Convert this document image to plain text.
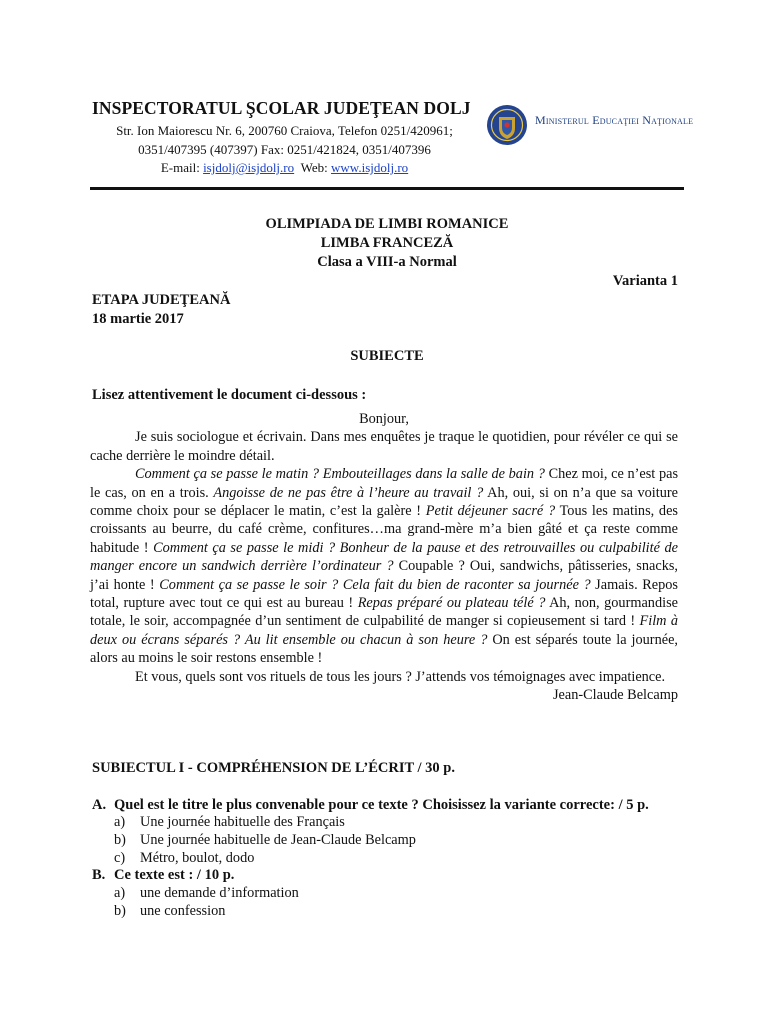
INSPECTORATUL ŞCOLAR JUDEŢEAN DOLJ
Str. Ion Maiorescu Nr. 6, 200760 Craiova, Telefon 0251/420961;
0351/407395 (407397) Fax: 0251/421824, 0351/407396
E-mail: isjdolj@isjdolj.ro Web: www.isjdolj.ro
Ministerul Educaţiei Naţionale
OLIMPIADA DE LIMBI ROMANICE
LIMBA FRANCEZĂ
Clasa a VIII-a Normal
Varianta 1
ETAPA JUDEŢEANĂ
18 martie 2017
SUBIECTE
Lisez attentivement le document ci-dessous :

Bonjour,

Je suis sociologue et écrivain. Dans mes enquêtes je traque le quotidien, pour révéler ce qui se cache derrière le moindre détail.

Comment ça se passe le matin ? Embouteillages dans la salle de bain ? Chez moi, ce n’est pas le cas, on en a trois. Angoisse de ne pas être à l’heure au travail ? Ah, oui, si on n’a que sa voiture comme choix pour se déplacer le matin, c’est la galère ! Petit déjeuner sacré ? Tous les matins, des croissants au beurre, du café crème, confitures…ma grand-mère m’a bien gâté et ça reste comme habitude ! Comment ça se passe le midi ? Bonheur de la pause et des retrouvailles ou culpabilité de manger encore un sandwich derrière l’ordinateur ? Coupable ? Oui, sandwichs, pâtisseries, snacks, j’ai honte ! Comment ça se passe le soir ? Cela fait du bien de raconter sa journée ? Jamais. Repos total, rupture avec tout ce qui est au bureau ! Repas préparé ou plateau télé ? Ah, non, gourmandise totale, le soir, accompagnée d’un sentiment de culpabilité de manger si copieusement si tard ! Film à deux ou écrans séparés ? Au lit ensemble ou chacun à son heure ? On est séparés toute la journée, alors au moins le soir restons ensemble !

Et vous, quels sont vos rituels de tous les jours ? J’attends vos témoignages avec impatience.

Jean-Claude Belcamp

SUBIECTUL I - COMPRÉHENSION DE L’ÉCRIT / 30 p.
A. Quel est le titre le plus convenable pour ce texte ? Choisissez la variante correcte: / 5 p.
a) Une journée habituelle des Français
b) Une journée habituelle de Jean-Claude Belcamp
c) Métro, boulot, dodo
B. Ce texte est : / 10 p.
a) une demande d’information
b) une confession
